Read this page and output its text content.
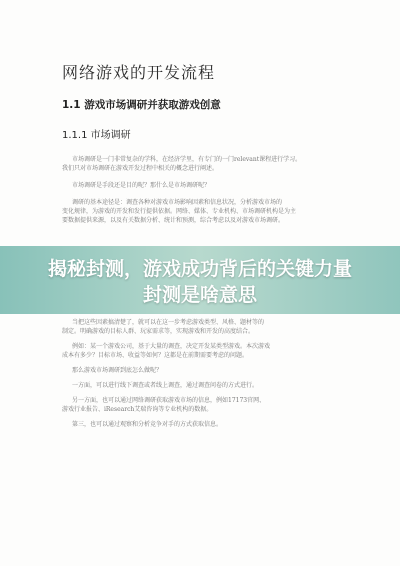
网络游戏的开发流程
1.1 游戏市场调研并获取游戏创意
1.1.1 市场调研
市场调研是一门非常复杂的学科，在经济学里，有专门的一门relevant课程进行学习。
我们只对市场调研在游戏开发过程中相关的概念进行阐述。
市场调研是手段还是目的呢？那什么是市场调研呢？
调研的基本途径是：调查各种对游戏市场影响因素和信息状况，分析游戏市场的
变化规律，为游戏的开发和发行提供依据。网络、媒体、专业机构、市场调研机构是为主
要数据提供来源，以及有关数据分析、统计和预测，综合考虑以及对游戏市场调研。
当把这些因素搞清楚了，就可以在这一步考虑游戏类型、风格、题材等的
制定。明确游戏的目标人群、玩家需求等，实现游戏和开发的高度结合。
例如：某一个游戏公司，基于大量的调查，决定开发某类型游戏。本次游戏
成本有多少？目标市场、收益等如何？这都是在前期需要考虑的问题。
那么游戏市场调研到底怎么做呢？
一方面，可以进行线下调查或者线上调查，通过调查问卷的方式进行。
另一方面，也可以通过网络调研获取游戏市场的信息，例如17173官网、
游戏行业报告、iResearch艾瑞咨询等专业机构的数据。
第三，也可以通过观察和分析竞争对手的方式获取信息。
揭秘封测，游戏成功背后的关键力量
封测是啥意思
